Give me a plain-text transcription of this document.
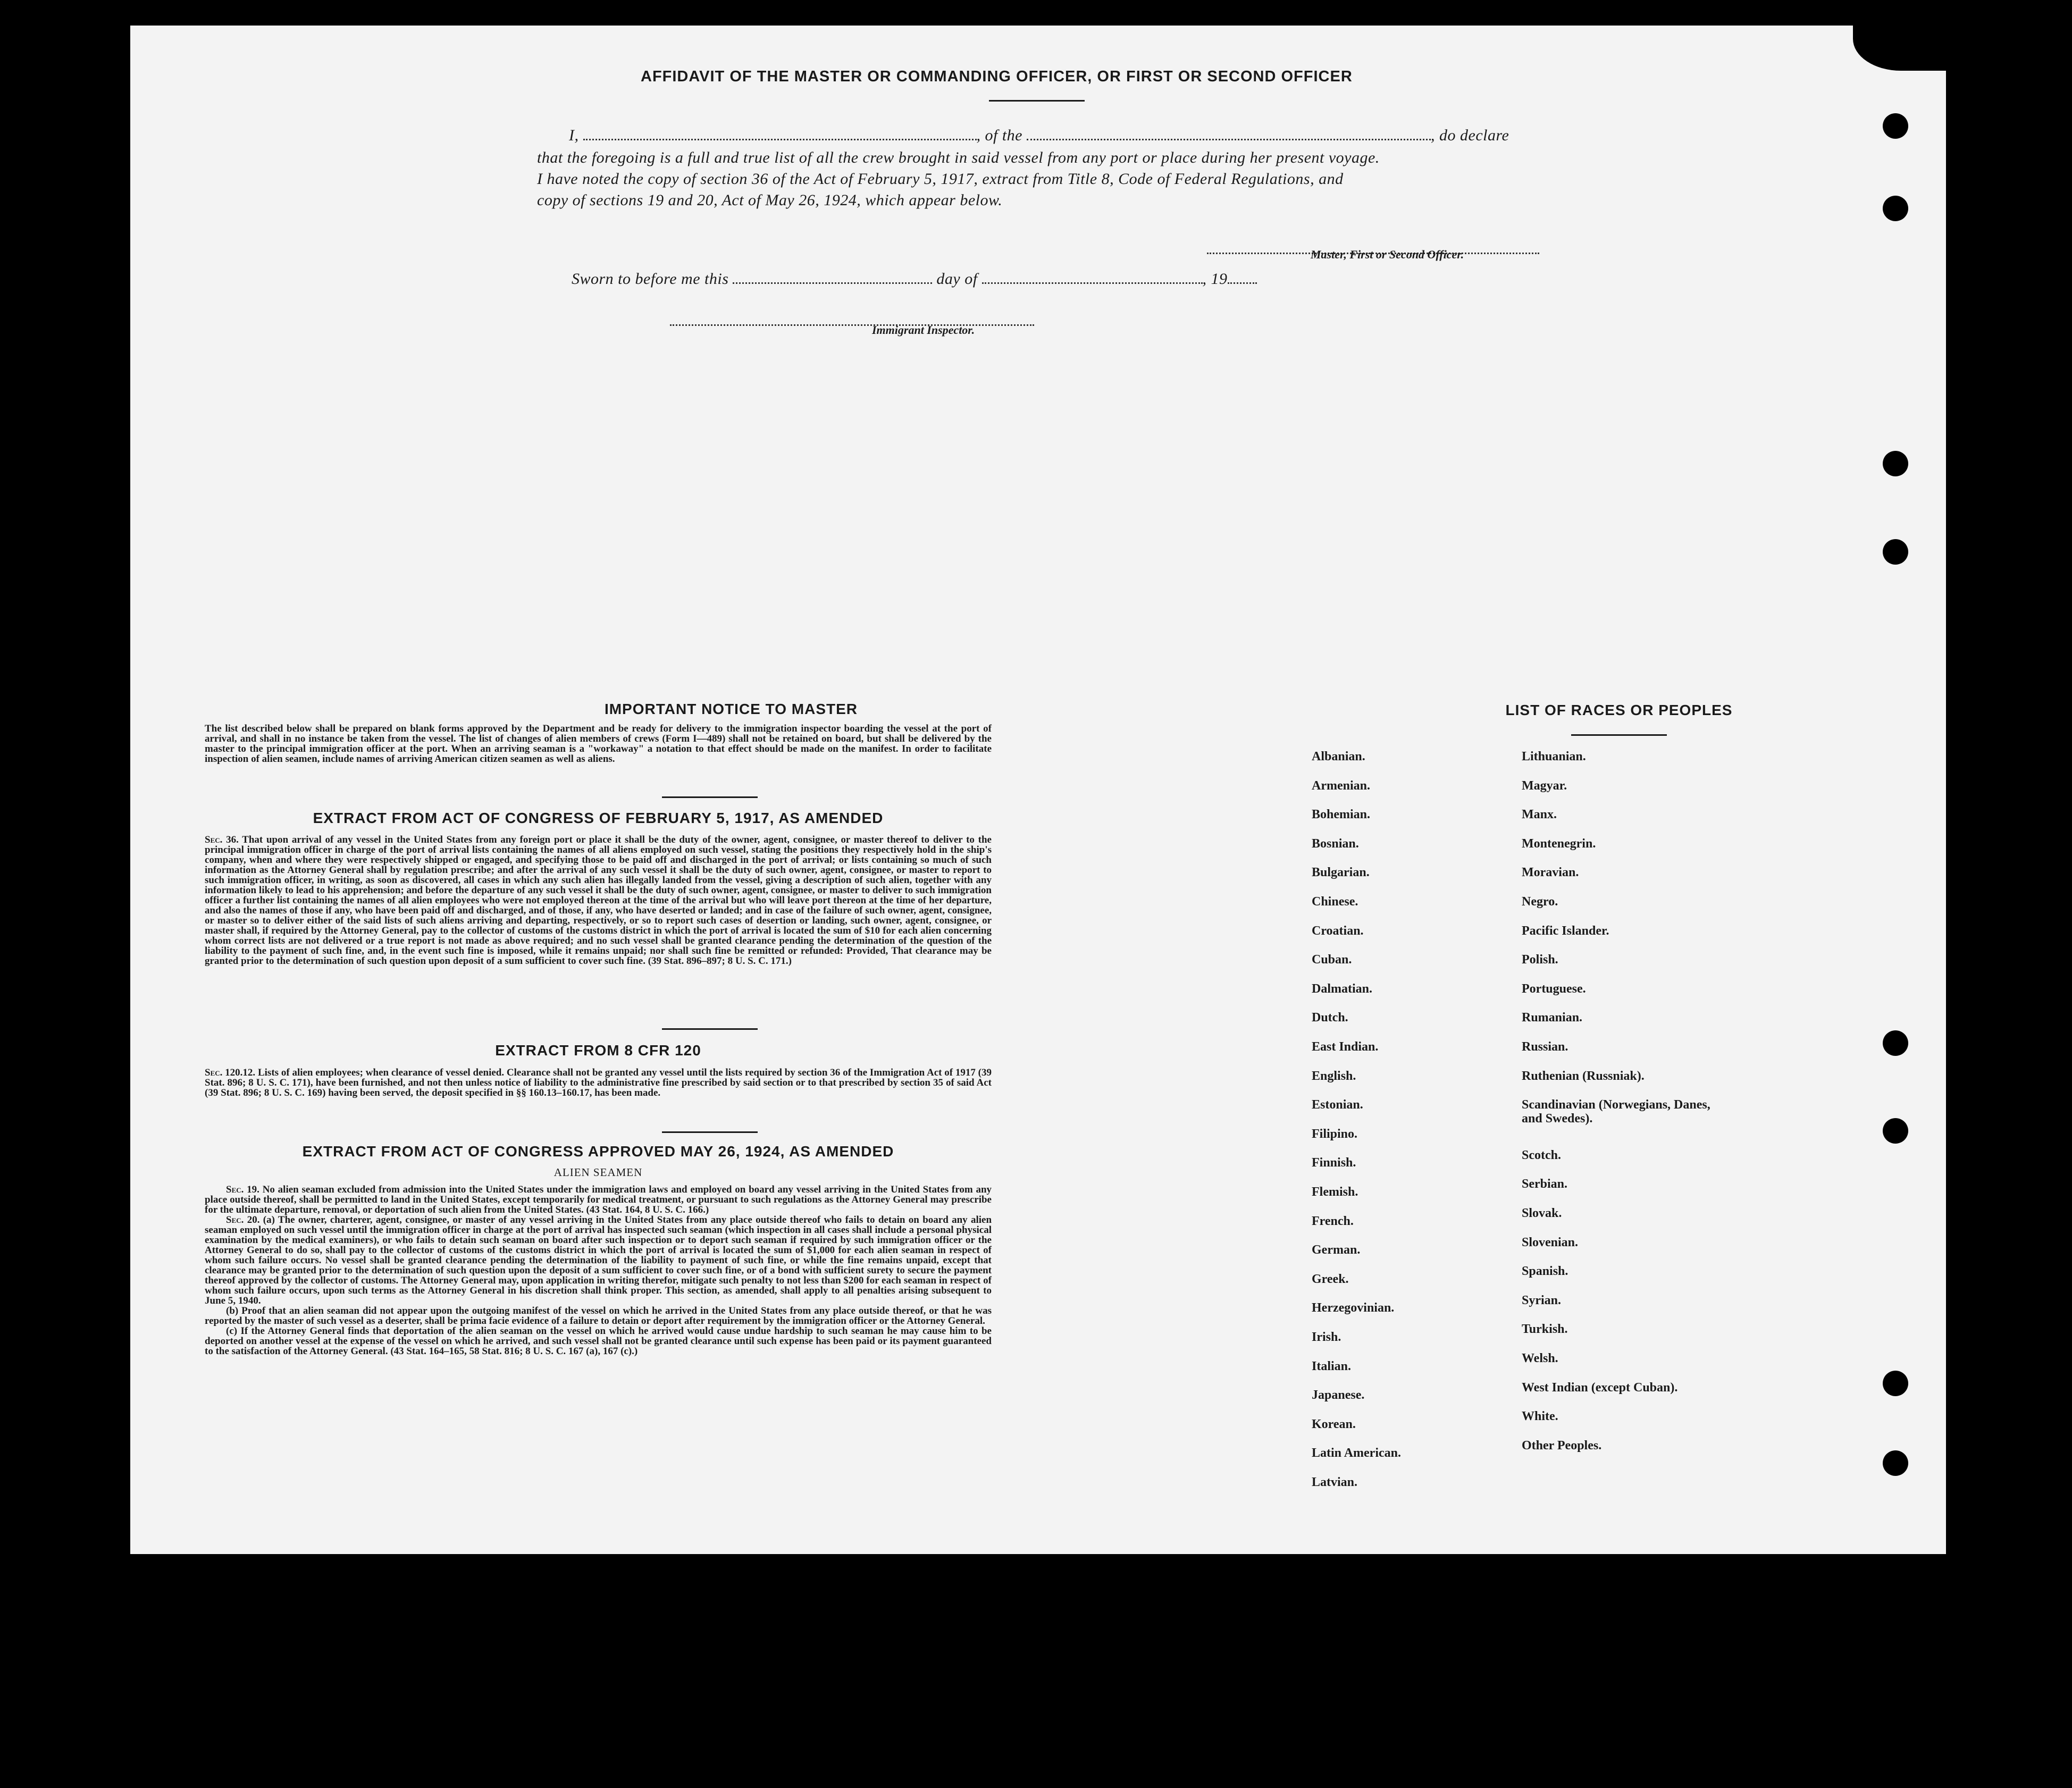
AFFIDAVIT OF THE MASTER OR COMMANDING OFFICER, OR FIRST OR SECOND OFFICER
I,	, of the	, do declare
that the foregoing is a full and true list of all the crew brought in said vessel from any port or place during her present voyage.
I have noted the copy of section 36 of the Act of February 5, 1917, extract from Title 8, Code of Federal Regulations, and
copy of sections 19 and 20, Act of May 26, 1924, which appear below.
Master, First or Second Officer.
Sworn to before me this	day of	, 19
Immigrant Inspector.
IMPORTANT NOTICE TO MASTER
The list described below shall be prepared on blank forms approved by the Department and be ready for delivery to the immigration inspector boarding the vessel at the port of arrival, and shall in no instance be taken from the vessel. The list of changes of alien members of crews (Form I—489) shall not be retained on board, but shall be delivered by the master to the principal immigration officer at the port. When an arriving seaman is a "workaway" a notation to that effect should be made on the manifest. In order to facilitate inspection of alien seamen, include names of arriving American citizen seamen as well as aliens.
EXTRACT FROM ACT OF CONGRESS OF FEBRUARY 5, 1917, AS AMENDED
Sec. 36. That upon arrival of any vessel in the United States from any foreign port or place it shall be the duty of the owner, agent, consignee, or master thereof to deliver to the principal immigration officer in charge of the port of arrival lists containing the names of all aliens employed on such vessel, stating the positions they respectively hold in the ship's company, when and where they were respectively shipped or engaged, and specifying those to be paid off and discharged in the port of arrival; or lists containing so much of such information as the Attorney General shall by regulation prescribe; and after the arrival of any such vessel it shall be the duty of such owner, agent, consignee, or master to report to such immigration officer, in writing, as soon as discovered, all cases in which any such alien has illegally landed from the vessel, giving a description of such alien, together with any information likely to lead to his apprehension; and before the departure of any such vessel it shall be the duty of such owner, agent, consignee, or master to deliver to such immigration officer a further list containing the names of all alien employees who were not employed thereon at the time of the arrival but who will leave port thereon at the time of her departure, and also the names of those if any, who have been paid off and discharged, and of those, if any, who have deserted or landed; and in case of the failure of such owner, agent, consignee, or master so to deliver either of the said lists of such aliens arriving and departing, respectively, or so to report such cases of desertion or landing, such owner, agent, consignee, or master shall, if required by the Attorney General, pay to the collector of customs of the customs district in which the port of arrival is located the sum of $10 for each alien concerning whom correct lists are not delivered or a true report is not made as above required; and no such vessel shall be granted clearance pending the determination of the question of the liability to the payment of such fine, and, in the event such fine is imposed, while it remains unpaid; nor shall such fine be remitted or refunded: Provided, That clearance may be granted prior to the determination of such question upon deposit of a sum sufficient to cover such fine. (39 Stat. 896–897; 8 U. S. C. 171.)
EXTRACT FROM 8 CFR 120
Sec. 120.12. Lists of alien employees; when clearance of vessel denied. Clearance shall not be granted any vessel until the lists required by section 36 of the Immigration Act of 1917 (39 Stat. 896; 8 U. S. C. 171), have been furnished, and not then unless notice of liability to the administrative fine prescribed by said section or to that prescribed by section 35 of said Act (39 Stat. 896; 8 U. S. C. 169) having been served, the deposit specified in §§ 160.13–160.17, has been made.
EXTRACT FROM ACT OF CONGRESS APPROVED MAY 26, 1924, AS AMENDED
ALIEN SEAMEN
Sec. 19. No alien seaman excluded from admission into the United States under the immigration laws and employed on board any vessel arriving in the United States from any place outside thereof, shall be permitted to land in the United States, except temporarily for medical treatment, or pursuant to such regulations as the Attorney General may prescribe for the ultimate departure, removal, or deportation of such alien from the United States. (43 Stat. 164, 8 U. S. C. 166.)
Sec. 20. (a) The owner, charterer, agent, consignee, or master of any vessel arriving in the United States from any place outside thereof who fails to detain on board any alien seaman employed on such vessel until the immigration officer in charge at the port of arrival has inspected such seaman (which inspection in all cases shall include a personal physical examination by the medical examiners), or who fails to detain such seaman on board after such inspection or to deport such seaman if required by such immigration officer or the Attorney General to do so, shall pay to the collector of customs of the customs district in which the port of arrival is located the sum of $1,000 for each alien seaman in respect of whom such failure occurs. No vessel shall be granted clearance pending the determination of the liability to payment of such fine, or while the fine remains unpaid, except that clearance may be granted prior to the determination of such question upon the deposit of a sum sufficient to cover such fine, or of a bond with sufficient surety to secure the payment thereof approved by the collector of customs. The Attorney General may, upon application in writing therefor, mitigate such penalty to not less than $200 for each seaman in respect of whom such failure occurs, upon such terms as the Attorney General in his discretion shall think proper. This section, as amended, shall apply to all penalties arising subsequent to June 5, 1940.
(b) Proof that an alien seaman did not appear upon the outgoing manifest of the vessel on which he arrived in the United States from any place outside thereof, or that he was reported by the master of such vessel as a deserter, shall be prima facie evidence of a failure to detain or deport after requirement by the immigration officer or the Attorney General.
(c) If the Attorney General finds that deportation of the alien seaman on the vessel on which he arrived would cause undue hardship to such seaman he may cause him to be deported on another vessel at the expense of the vessel on which he arrived, and such vessel shall not be granted clearance until such expense has been paid or its payment guaranteed to the satisfaction of the Attorney General. (43 Stat. 164–165, 58 Stat. 816; 8 U. S. C. 167 (a), 167 (c).)
LIST OF RACES OR PEOPLES
Albanian.
Armenian.
Bohemian.
Bosnian.
Bulgarian.
Chinese.
Croatian.
Cuban.
Dalmatian.
Dutch.
East Indian.
English.
Estonian.
Filipino.
Finnish.
Flemish.
French.
German.
Greek.
Herzegovinian.
Irish.
Italian.
Japanese.
Korean.
Latin American.
Latvian.
Lithuanian.
Magyar.
Manx.
Montenegrin.
Moravian.
Negro.
Pacific Islander.
Polish.
Portuguese.
Rumanian.
Russian.
Ruthenian (Russniak).
Scandinavian (Norwegians, Danes, and Swedes).
Scotch.
Serbian.
Slovak.
Slovenian.
Spanish.
Syrian.
Turkish.
Welsh.
West Indian (except Cuban).
White.
Other Peoples.
